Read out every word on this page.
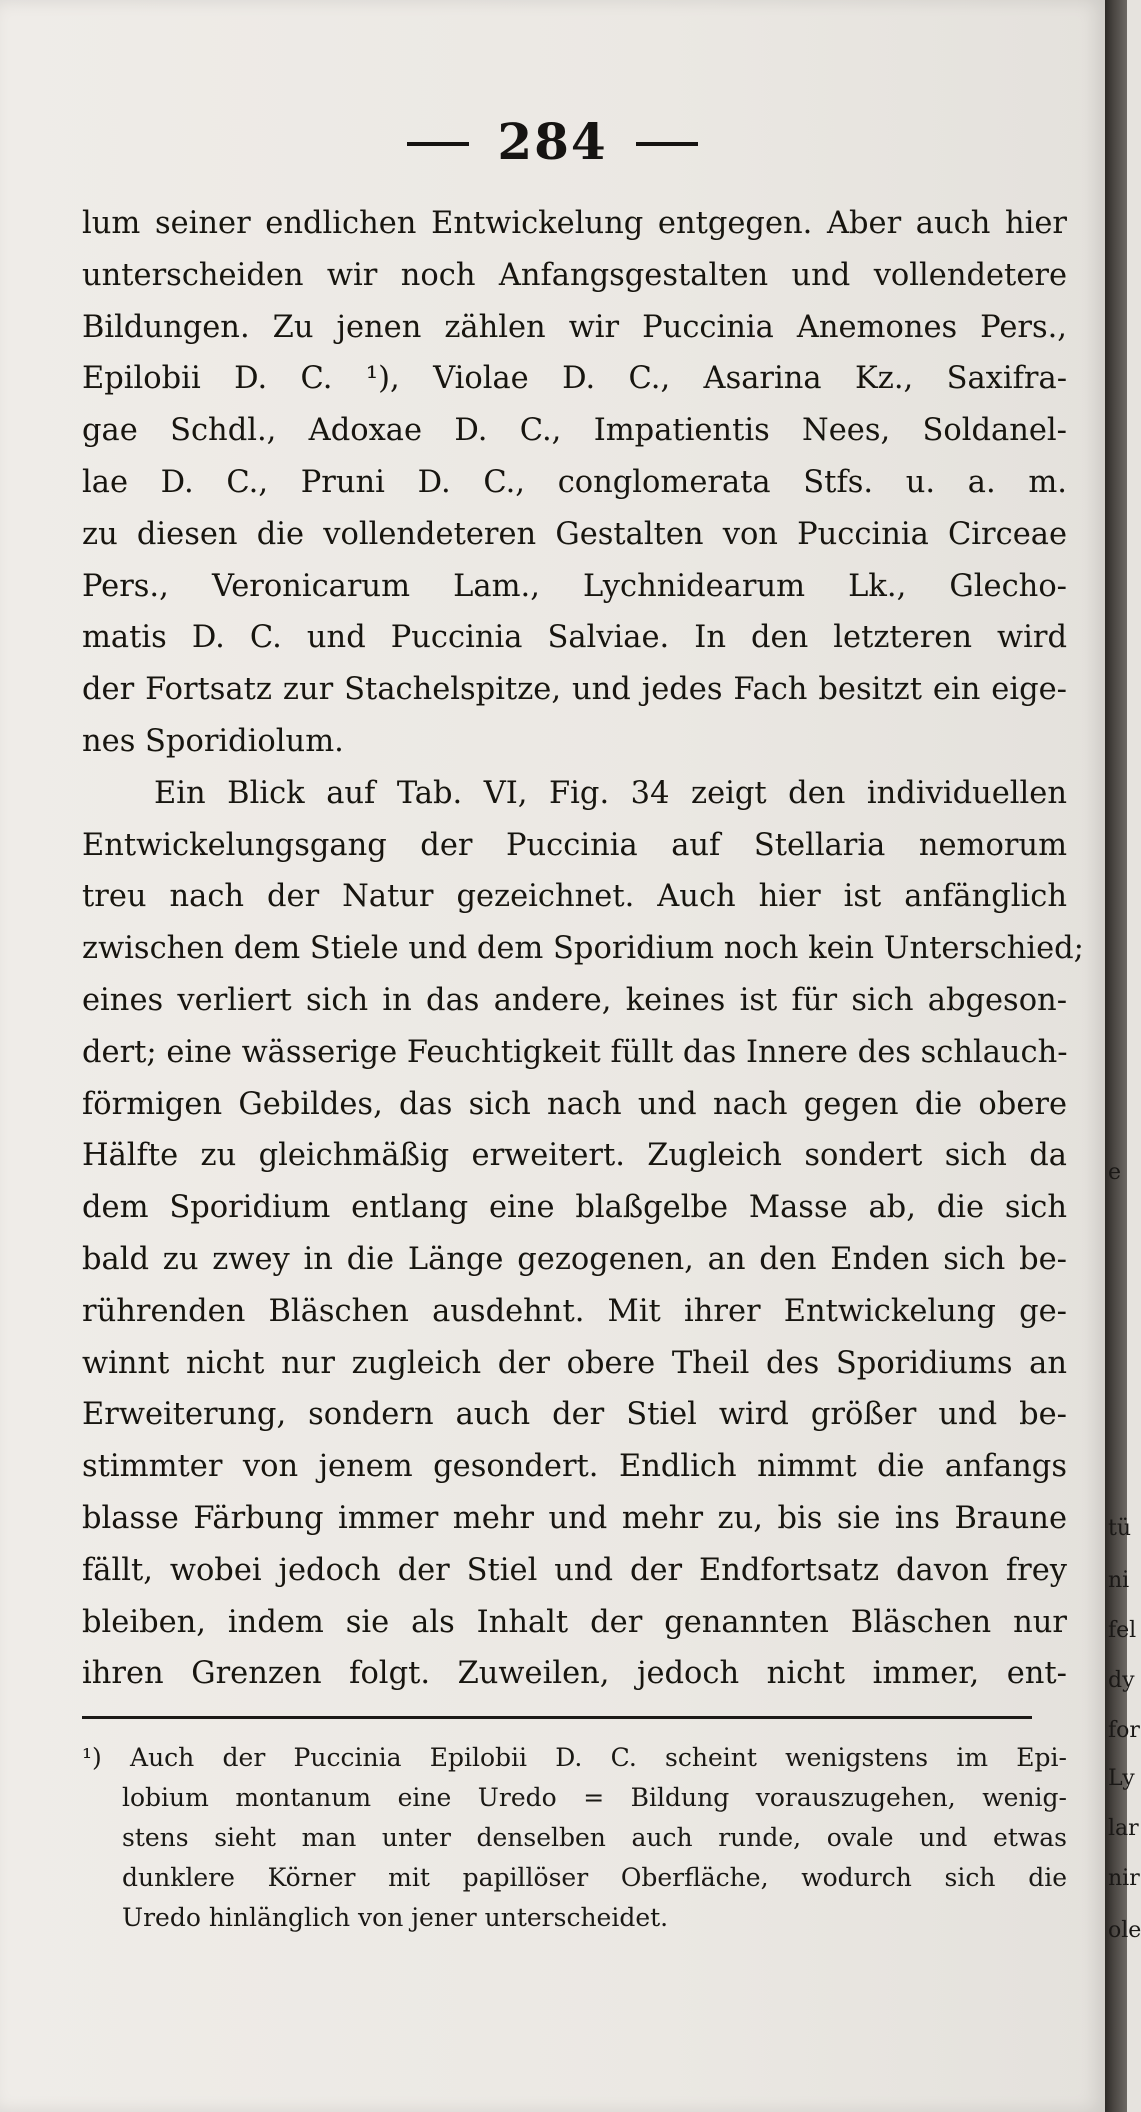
284
lum seiner endlichen Entwickelung entgegen. Aber auch hier
unterscheiden wir noch Anfangsgestalten und vollendetere
Bildungen. Zu jenen zählen wir Puccinia Anemones Pers.,
Epilobii D. C. ¹), Violae D. C., Asarina Kz., Saxifra-
gae Schdl., Adoxae D. C., Impatientis Nees, Soldanel-
lae D. C., Pruni D. C., conglomerata Stfs. u. a. m.
zu diesen die vollendeteren Gestalten von Puccinia Circeae
Pers., Veronicarum Lam., Lychnidearum Lk., Glecho-
matis D. C. und Puccinia Salviae. In den letzteren wird
der Fortsatz zur Stachelspitze, und jedes Fach besitzt ein eige-
nes Sporidiolum.
Ein Blick auf Tab. VI, Fig. 34 zeigt den individuellen
Entwickelungsgang der Puccinia auf Stellaria nemorum
treu nach der Natur gezeichnet. Auch hier ist anfänglich
zwischen dem Stiele und dem Sporidium noch kein Unterschied;
eines verliert sich in das andere, keines ist für sich abgeson-
dert; eine wässerige Feuchtigkeit füllt das Innere des schlauch-
förmigen Gebildes, das sich nach und nach gegen die obere
Hälfte zu gleichmäßig erweitert. Zugleich sondert sich da
dem Sporidium entlang eine blaßgelbe Masse ab, die sich
bald zu zwey in die Länge gezogenen, an den Enden sich be-
rührenden Bläschen ausdehnt. Mit ihrer Entwickelung ge-
winnt nicht nur zugleich der obere Theil des Sporidiums an
Erweiterung, sondern auch der Stiel wird größer und be-
stimmter von jenem gesondert. Endlich nimmt die anfangs
blasse Färbung immer mehr und mehr zu, bis sie ins Braune
fällt, wobei jedoch der Stiel und der Endfortsatz davon frey
bleiben, indem sie als Inhalt der genannten Bläschen nur
ihren Grenzen folgt. Zuweilen, jedoch nicht immer, ent-
¹) Auch der Puccinia Epilobii D. C. scheint wenigstens im Epi-
lobium montanum eine Uredo = Bildung vorauszugehen, wenig-
stens sieht man unter denselben auch runde, ovale und etwas
dunklere Körner mit papillöser Oberfläche, wodurch sich die
Uredo hinlänglich von jener unterscheidet.
e
tü
ni
fel
dy
for
Ly
lar
nir
ole
